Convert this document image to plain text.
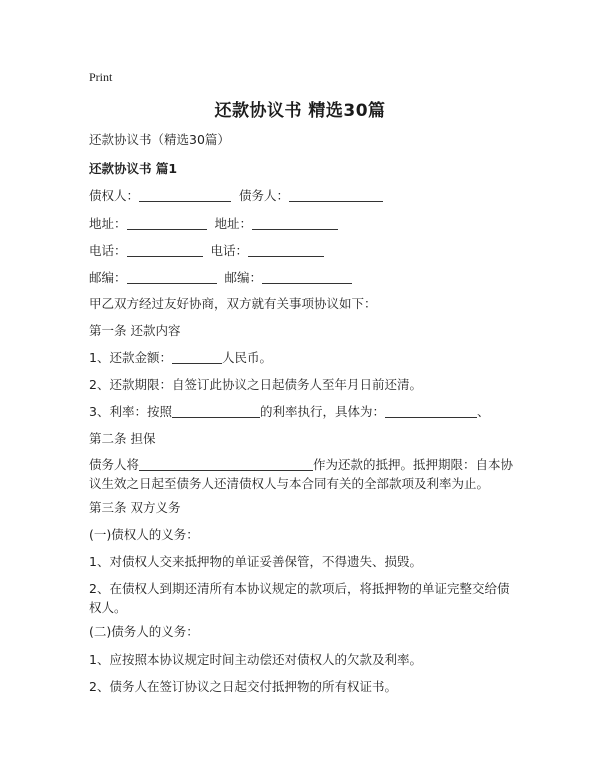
Print
还款协议书 精选30篇
还款协议书（精选30篇）
还款协议书 篇1
债权人：	债务人：
地址：	地址：
电话：	电话：
邮编：	邮编：
甲乙双方经过友好协商，双方就有关事项协议如下：
第一条 还款内容
1、还款金额：	人民币。
2、还款期限：自签订此协议之日起债务人至年月日前还清。
3、利率：按照	的利率执行，具体为：	、
第二条 担保
债务人将	作为还款的抵押。抵押期限：自本协议生效之日起至债务人还清债权人与本合同有关的全部款项及利率为止。
第三条 双方义务
(一)债权人的义务：
1、对债权人交来抵押物的单证妥善保管，不得遗失、损毁。
2、在债权人到期还清所有本协议规定的款项后，将抵押物的单证完整交给债权人。
(二)债务人的义务：
1、应按照本协议规定时间主动偿还对债权人的欠款及利率。
2、债务人在签订协议之日起交付抵押物的所有权证书。
